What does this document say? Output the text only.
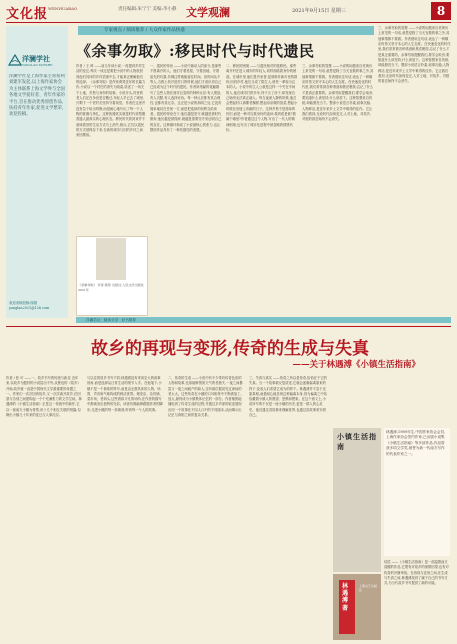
文化报 WENHUABAO	责任编辑:朱宁宁 美编:李小静 文学观澜	2021年9月15日 星期三	8
洋澜学社
YANGLAN XUESHE
洋澜学社是上海作家主席希利刘建军发起,以上海作家协会为主体联系上海文学界与全国各地文学爱好者、青年作家的平台,旨在推动优秀原创作品,扶持青年作家,促进文学繁荣,欢迎投稿。
欢迎来稿投稿:邮箱 yanglan2021@126.com
专家视点 / 阅读推荐 / 大众作家作品快递
《余事勿取》:移民时代与时代遗民
作者 / 王 琦 ——前几年读小说,一再提到乡村生活的变迁,每次一读还是要把小说中的人物放回到他们具体的乡村语境中去,才能真正理解他们的选择。《余事勿取》是作家黄梵近年的长篇力作,小说以一个村庄的消失为线索,讲述了一场关于土地、乡愁与身份的故事。小说开头,村里的老人们还在争论是否搬迁,年轻人早已去了城里,只剩下一个老村长坚持守着祠堂。作者在这里并没有急于给出判断,而是耐心地写出了每一个人物的犹豫与挣扎。这种犹豫其实就是时代转型期普通人最真实的心理状态。移民时代的到来并不意味着旧的生活方式马上消失,相反,它们以遗民的方式被保存下来,在新的城市与旧的乡村之间来回摆荡。
《余事勿取》 作者:黄梵 出版社:人民文学出版社 2021年
一、遗民的悖论 ——小说中最动人的部分,是那些不愿离开的人。他们守着老屋、守着田地、守着祖先的坟墓,仿佛这样就能留住时间。但时间从不等人,当推土机开进村口的时候,他们才意识到自己已经成为这个时代的遗民。作者用细腻的笔触描写了这些人物在面对巨变时的种种反应:有人愤怒,有人沉默,有人选择妥协。每一种反应都有其合理性,也都有其无奈。这正是小说的高明之处,它没有简单地站在任何一方,而是把选择的权利交给读者。遗民的悖论在于,他们越是坚守,就越是被时代抛弃;他们越是被抛弃,就越是需要坚守来证明自己的存在。这种循环构成了小说最核心的张力,也让整部作品具有了一种悲剧性的美感。
二、移民的困境 ——与遗民相对的是移民。那些离开村庄进入城市的年轻人,同样面临着身份的困惑。在城市里,他们是外来者,是被称作新市民的群体;回到乡村,他们又成了陌生人,被老一辈视为忘本的人。小说中的主人公就是这样一个夹在中间的人,他在城市打拼多年,终于买了房子,却发现自己始终无法真正融入。每当夜深人静的时候,他总会想起村口那棵老槐树,想起母亲做的饭菜,想起小时候在田埂上奔跑的日子。这种乡愁不是简单的怀旧,而是一种对自我身份的追问:我到底是谁?我属于哪里?作者通过这个人物,写出了一代人的精神困境,也写出了城市化进程中被忽略的情感代价。
三、余事勿取的智慧 ——小说的标题来自老黄历上常见的一句话,意思是除了当天宜做的事之外,其他事情都不要做。作者借用这句话,表达了一种顺应时势又坚守本心的人生态度。在快速变化的时代里,我们常常被各种诱惑和焦虑裹挟,忘记了什么才是真正重要的。余事勿取提醒我们,要学会取舍,要知道什么该坚持,什么该放下。这种智慧来自传统,却能照亮当下。整部小说语言朴素,叙事沉稳,人物鲜活,是近年来乡土文学中难得的佳作。它让我们看到,无论时代如何变迁,人对土地、对故乡、对根的眷恋始终不会消失。
三、余事勿取的智慧 ——小说的标题来自老黄历上常见的一句话,意思是除了当天宜做的事之外,其他事情都不要做。作者借用这句话,表达了一种顺应时势又坚守本心的人生态度。在快速变化的时代里,我们常常被各种诱惑和焦虑裹挟,忘记了什么才是真正重要的。余事勿取提醒我们,要学会取舍,要知道什么该坚持,什么该放下。这种智慧来自传统,却能照亮当下。整部小说语言朴素,叙事沉稳,人物鲜活,是近年来乡土文学中难得的佳作。它让我们看到,无论时代如何变迁,人对土地、对故乡、对根的眷恋始终不会消失。
洋澜学社 · 阅读分享 · 好书推荐
故乡的再现与变形,传奇的生成与失真
——关于林遇溥《小镇生活指南》
作者 / 张 可 ——一、故乡书写的传统与新变 近年来,以故乡为题材的小说层出不穷,从鲁迅的《故乡》开始,故乡就一直是中国现代文学最重要的母题之一。作家们一次次回到故乡,又一次次离开故乡,在回望与告别之间建构起一个个充满张力的文学空间。林遇溥的《小镇生活指南》正是这一传统中的新作,它以一座南方小镇为背景,用十几个相互关联的短篇,勾勒出小镇几十年来的变迁与人事沉浮。
与以往的故乡书写不同,林遇溥没有采用宏大的叙事视角,而是选择从日常生活的细节入手。在他笔下,小镇不是一个抽象的符号,而是由无数具体的人物、场景、声音和气味构成的鲜活世界。理发店、杂货铺、菜市场、老码头,这些看似平凡的场所,在作者的描写中都焕发出独特的光彩。读者仿佛能够跟随作者的脚步,走进小镇的每一条街巷,听到每一个人的故事。
二、传奇的生成 ——小说中有不少带有传奇色彩的人物和故事,比如能够预知天气的老渔夫,一夜之间暴富又一夜之间破产的商人,还有那位据说见过神仙的老太太。这些传奇在小镇的口耳相传中不断被加工、放大,最终成为小镇集体记忆的一部分。作者敏锐地捕捉到了传奇生成的过程,并通过多声部的叙述展现出同一个故事在不同人口中的不同版本,从而揭示出记忆与真相之间的复杂关系。
三、失真与真实 ——传奇之所以是传奇,恰恰在于它的失真。当一个故事被反复讲述,它就会逐渐偏离原来的样子,变成人们希望它成为的样子。林遇溥并不急于还原真相,而是耐心地呈现这种偏离本身,因为偏离之中恰恰藏着小镇人的愿望、恐惧和想象。在这个意义上,小说所写的不仅是一座小镇的历史,更是一群人的心灵史。他们通过讲故事来理解世界,也通过讲故事来安顿自己。
结语 ——《小镇生活指南》是一部温情而又清醒的作品,它既有对故乡的深情回望,也有对传奇的冷静审视。在再现与变形之间,在生成与失真之间,林遇溥找到了属于自己的书写方式,为当代故乡书写提供了新的可能。
小镇生活指南
林遇溥 著
上海文艺出版社
林遇溥,1989年生,中国作家协会会员,上海作家协会签约作家,已出版小说集《小镇生活指南》等多部作品,作品曾获多项文学奖,被誉为新一代南方写作的代表作家之一。
